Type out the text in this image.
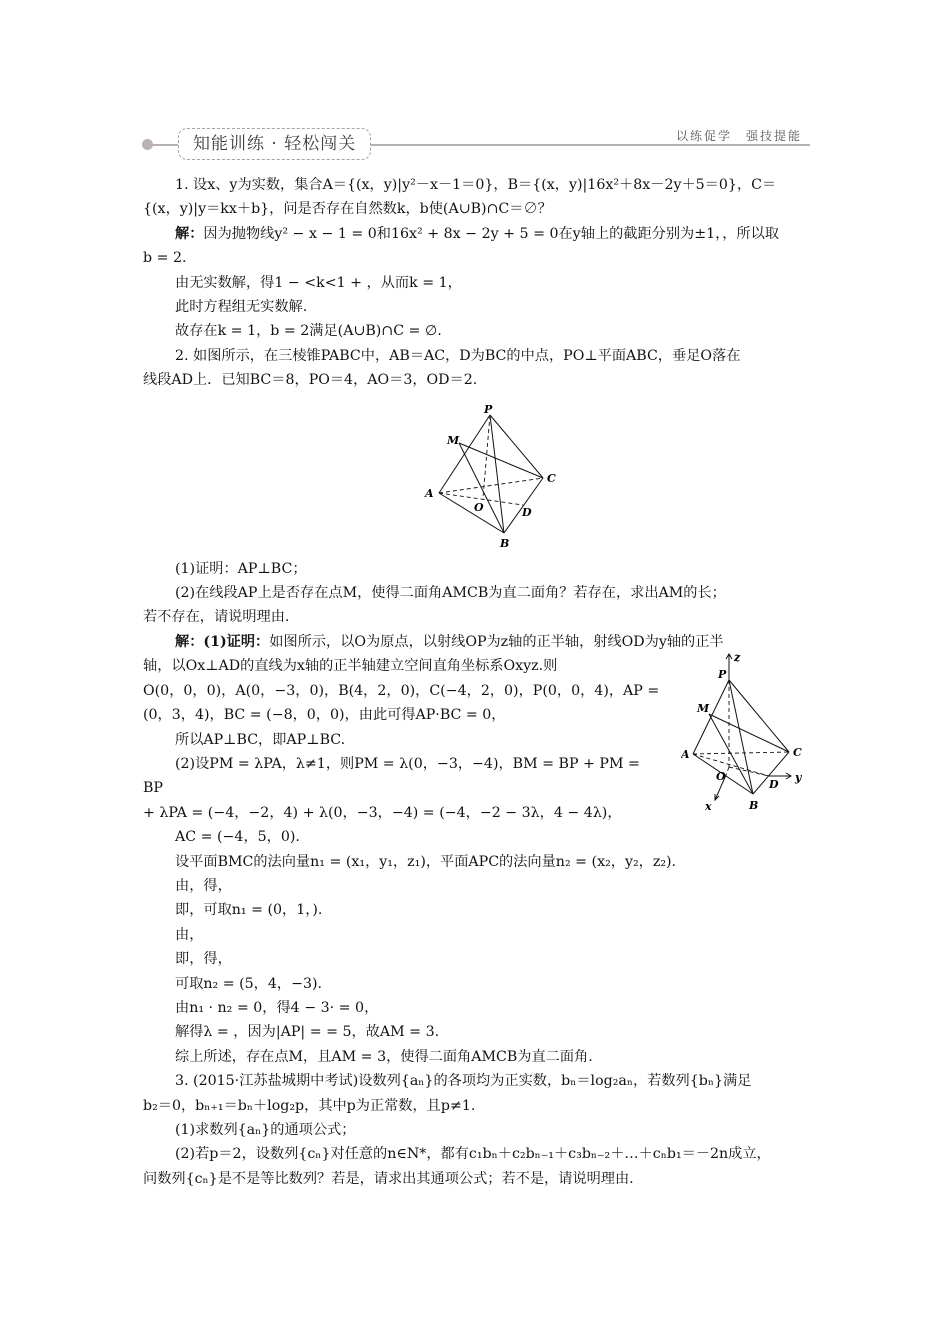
知能训练 · 轻松闯关	以练促学　强技提能

1. 设x、y为实数，集合A＝{(x，y)|y²－x－1＝0}，B＝{(x，y)|16x²＋8x－2y＋5＝0}，C＝

{(x，y)|y＝kx＋b}，问是否存在自然数k，b使(A∪B)∩C＝∅？

解：因为抛物线y² − x − 1 = 0和16x² + 8x − 2y + 5 = 0在y轴上的截距分别为±1，，所以取

b = 2.

由无实数解，得1 − <k<1 + ，从而k = 1，

此时方程组无实数解.

故存在k = 1，b = 2满足(A∪B)∩C = ∅.

2. 如图所示，在三棱锥PABC中，AB＝AC，D为BC的中点，PO⊥平面ABC，垂足O落在

线段AD上．已知BC＝8，PO＝4，AO＝3，OD＝2.

P
M
C
A
O	D
B

(1)证明：AP⊥BC；

(2)在线段AP上是否存在点M，使得二面角AMCB为直二面角？若存在，求出AM的长；

若不存在，请说明理由.

P
z
M
C
A
O
D
y
x	B

解：(1)证明：如图所示，以O为原点，以射线OP为z轴的正半轴，射线OD为y轴的正半

轴，以Ox⊥AD的直线为x轴的正半轴建立空间直角坐标系Oxyz.则

O(0，0，0)，A(0，−3，0)，B(4，2，0)，C(−4，2，0)，P(0，0，4)，AP =

(0，3，4)，BC = (−8，0，0)，由此可得AP·BC = 0，

所以AP⊥BC，即AP⊥BC.

(2)设PM = λPA，λ≠1，则PM = λ(0，−3，−4)，BM = BP + PM = BP

+ λPA = (−4，−2，4) + λ(0，−3，−4) = (−4，−2 − 3λ，4 − 4λ)，

AC = (−4，5，0).

设平面BMC的法向量n₁ = (x₁，y₁，z₁)，平面APC的法向量n₂ = (x₂，y₂，z₂).

由，得，

即，可取n₁ = (0，1，).

由，

即，得，

可取n₂ = (5，4，−3).

由n₁ · n₂ = 0，得4 − 3· = 0，

解得λ = ，因为|AP| = = 5，故AM = 3.

综上所述，存在点M，且AM = 3，使得二面角AMCB为直二面角.

3. (2015·江苏盐城期中考试)设数列{aₙ}的各项均为正实数，bₙ＝log₂aₙ，若数列{bₙ}满足

b₂＝0，bₙ₊₁＝bₙ＋log₂p，其中p为正常数，且p≠1.

(1)求数列{aₙ}的通项公式；

(2)若p＝2，设数列{cₙ}对任意的n∈N*，都有c₁bₙ＋c₂bₙ₋₁＋c₃bₙ₋₂＋…＋cₙb₁＝－2n成立，

问数列{cₙ}是不是等比数列？若是，请求出其通项公式；若不是，请说明理由.
